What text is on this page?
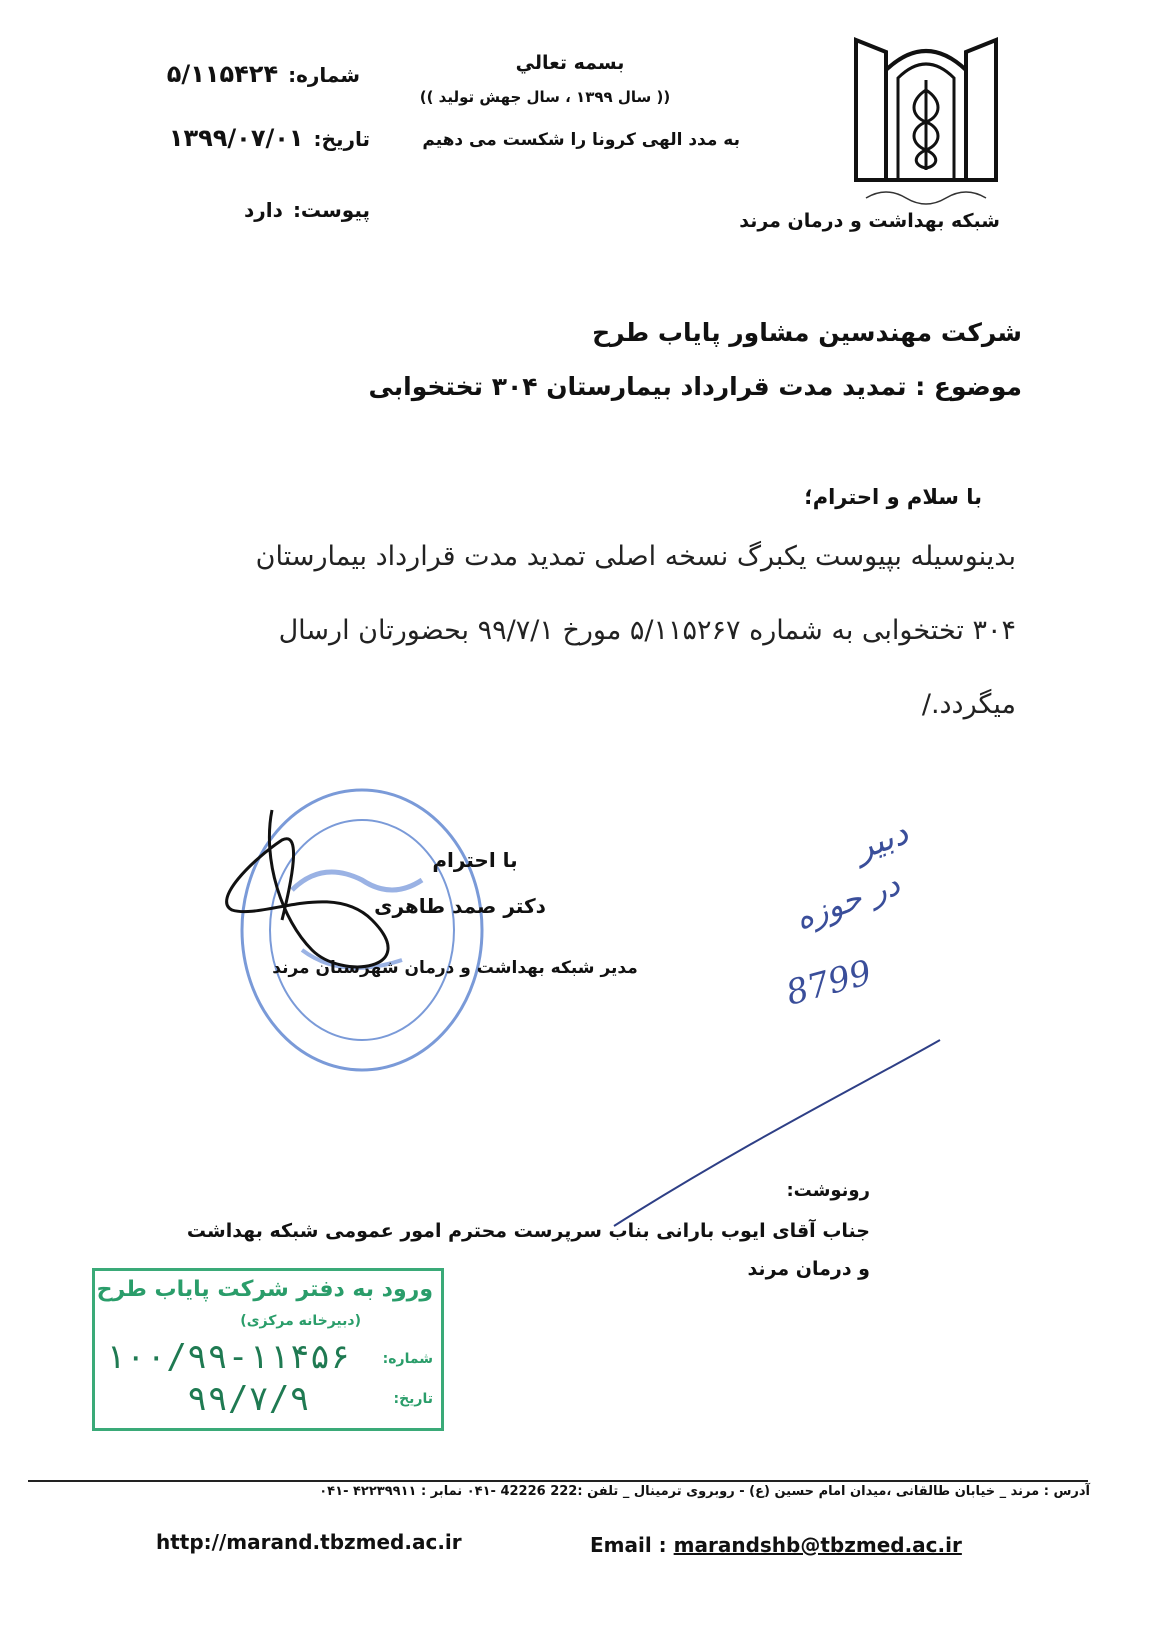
بسمه تعالي
(( سال ۱۳۹۹ ، سال جهش تولید ))
به مدد الهی کرونا را شکست می دهیم
شبکه بهداشت و درمان مرند
شماره:
۵/۱۱۵۴۲۴
تاریخ:
۱۳۹۹/۰۷/۰۱
پیوست:
دارد
شرکت مهندسین مشاور پایاب طرح
موضوع : تمدید مدت قرارداد بیمارستان ۳۰۴ تختخوابی
با سلام و احترام؛
بدینوسیله بپیوست یکبرگ نسخه اصلی تمدید مدت قرارداد بیمارستان ۳۰۴ تختخوابی به شماره ۵/۱۱۵۲۶۷ مورخ ۹۹/۷/۱ بحضورتان ارسال میگردد./
با احترام
دکتر صمد طاهری
مدیر شبکه بهداشت و درمان شهرستان مرند
دبیر
در حوزه
8799
رونوشت:
جناب آقای ایوب بارانی بناب سرپرست محترم امور عمومی شبکه بهداشت و درمان مرند
ورود به دفتر شرکت پایاب طرح
(دبیرخانه مرکزی)
شماره:
تاریخ:
۱۰۰/۹۹-۱۱۴۵۶
۹۹/۷/۹
آدرس : مرند _ خیابان طالقانی ،میدان امام حسین (ع) - روبروی ترمینال _ تلفن :222 42226 -۰۴۱ نمابر : ۴۲۲۳۹۹۱۱ -۰۴۱
http://marand.tbzmed.ac.ir	Email : marandshb@tbzmed.ac.ir
